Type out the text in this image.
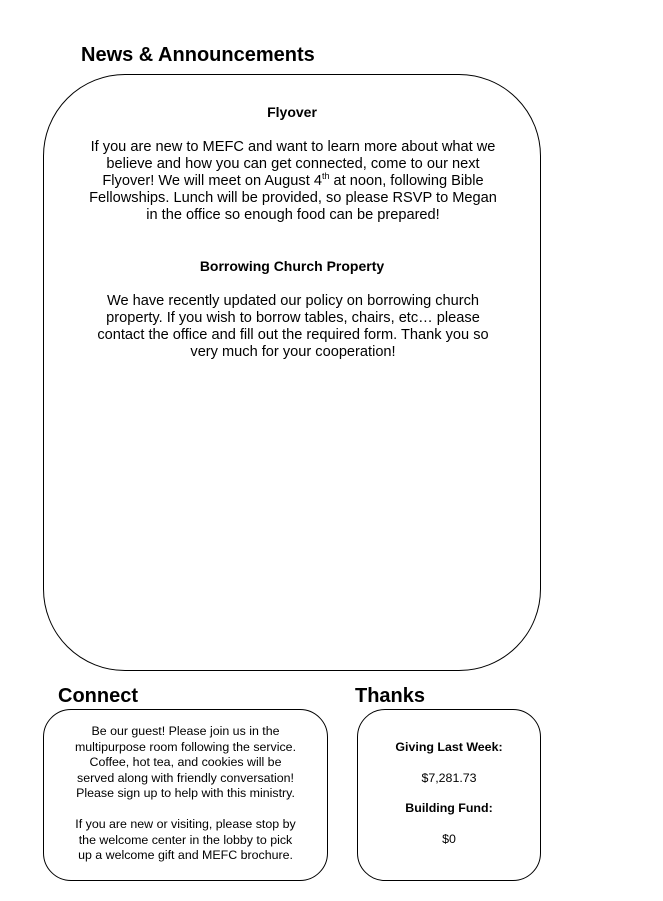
News & Announcements
Flyover

If you are new to MEFC and want to learn more about what we
believe and how you can get connected, come to our next
Flyover! We will meet on August 4th at noon, following Bible
Fellowships. Lunch will be provided, so please RSVP to Megan
in the office so enough food can be prepared!

Borrowing Church Property

We have recently updated our policy on borrowing church
property. If you wish to borrow tables, chairs, etc… please
contact the office and fill out the required form. Thank you so
very much for your cooperation!

Connect

Be our guest! Please join us in the
multipurpose room following the service.
Coffee, hot tea, and cookies will be
served along with friendly conversation!
Please sign up to help with this ministry.

If you are new or visiting, please stop by
the welcome center in the lobby to pick
up a welcome gift and MEFC brochure.

Thanks

Giving Last Week:

$7,281.73

Building Fund:

$0
